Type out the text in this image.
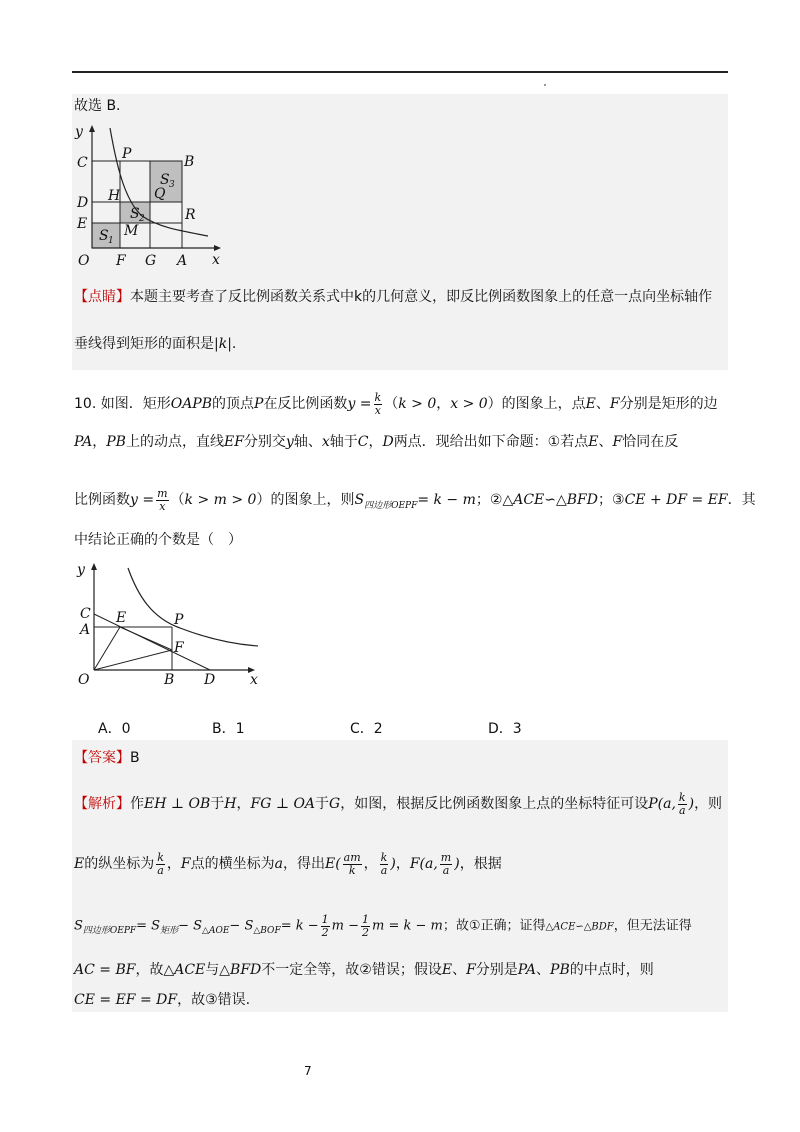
故选 B.
y
x
O
C
D
E
P	B
H Q
R
M
F G A
S 1
S 2
S 3
【点睛】本题主要考查了反比例函数关系式中k的几何意义，即反比例函数图象上的任意一点向坐标轴作
垂线得到矩形的面积是|k|.
10. 如图．矩形OAPB的顶点P在反比例函数$y = \frac{k}{x} (k > 0$，x > 0）的图象上，点E、F分别是矩形的边
PA，PB上的动点，直线EF分别交y轴、x轴于C，D两点．现给出如下命题：①若点E、F恰同在反
比例函数$y = \frac{m}{x} (k > m > 0)$的图象上，则$S_{四边形OEPF}= k - m$；②△ACE∽△BFD；③CE + DF = EF．其
中结论正确的个数是（　）
y
x
O
C
A
E	P
F
B D
A．0	B．1	C．2	D．3
【答案】B
【解析】作EH ⊥ OB于H，FG ⊥ OA于G，如图，根据反比例函数图象上点的坐标特征可设P(a, $\frac{k}{a}$ )，则
E的纵坐标为 $\frac{k}{a}$ ，F点的横坐标为a，得出$E( \frac{am}{k}$ ， $\frac{k}{a}$ )，F(a, $\frac{m}{a}$ )，根据
$S_{四边形OEPF}= S_{矩形}- S_{\triangle AOE}- S_{\triangle BOF}= k - \frac{1}{2}$ $m - \frac{1}{2}$ m = k − m；故①正确；证得△ACE∽△BDF，但无法证得
AC = BF，故△ACE与△BFD不一定全等，故②错误；假设E、F分别是PA、PB的中点时，则
CE = EF = DF，故③错误.
7
